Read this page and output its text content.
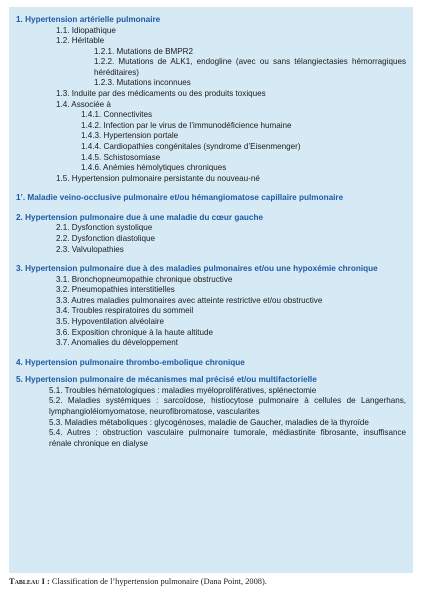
1. Hypertension artérielle pulmonaire

1.1. Idiopathique

1.2. Héritable

1.2.1. Mutations de BMPR2

1.2.2. Mutations de ALK1, endogline (avec ou sans télangiectasies hémorragiques héréditaires)

1.2.3. Mutations inconnues

1.3. Induite par des médicaments ou des produits toxiques

1.4. Associée à

1.4.1. Connectivites

1.4.2. Infection par le virus de l’immunodéficience humaine

1.4.3. Hypertension portale

1.4.4. Cardiopathies congénitales (syndrome d’Eisenmenger)

1.4.5. Schistosomiase

1.4.6. Anémies hémolytiques chroniques

1.5. Hypertension pulmonaire persistante du nouveau-né

1’. Maladie veino-occlusive pulmonaire et/ou hémangiomatose capillaire pulmonaire

2. Hypertension pulmonaire due à une maladie du cœur gauche

2.1. Dysfonction systolique

2.2. Dysfonction diastolique

2.3. Valvulopathies

3. Hypertension pulmonaire due à des maladies pulmonaires et/ou une hypoxémie chronique

3.1. Bronchopneumopathie chronique obstructive

3.2. Pneumopathies interstitielles

3.3. Autres maladies pulmonaires avec atteinte restrictive et/ou obstructive

3.4. Troubles respiratoires du sommeil

3.5. Hypoventilation alvéolaire

3.6. Exposition chronique à la haute altitude

3.7. Anomalies du développement

4. Hypertension pulmonaire thrombo-embolique chronique

5. Hypertension pulmonaire de mécanismes mal précisé et/ou multifactorielle

5.1. Troubles hématologiques : maladies myéloprolifératives, splénectomie

5.2. Maladies systémiques : sarcoïdose, histiocytose pulmonaire à cellules de Langerhans, lymphangioléiomyomatose, neurofibromatose, vascularites

5.3. Maladies métaboliques : glycogénoses, maladie de Gaucher, maladies de la thyroïde

5.4. Autres : obstruction vasculaire pulmonaire tumorale, médiastinite fibrosante, insuffisance rénale chronique en dialyse

Tableau I : Classification de l’hypertension pulmonaire (Dana Point, 2008).
